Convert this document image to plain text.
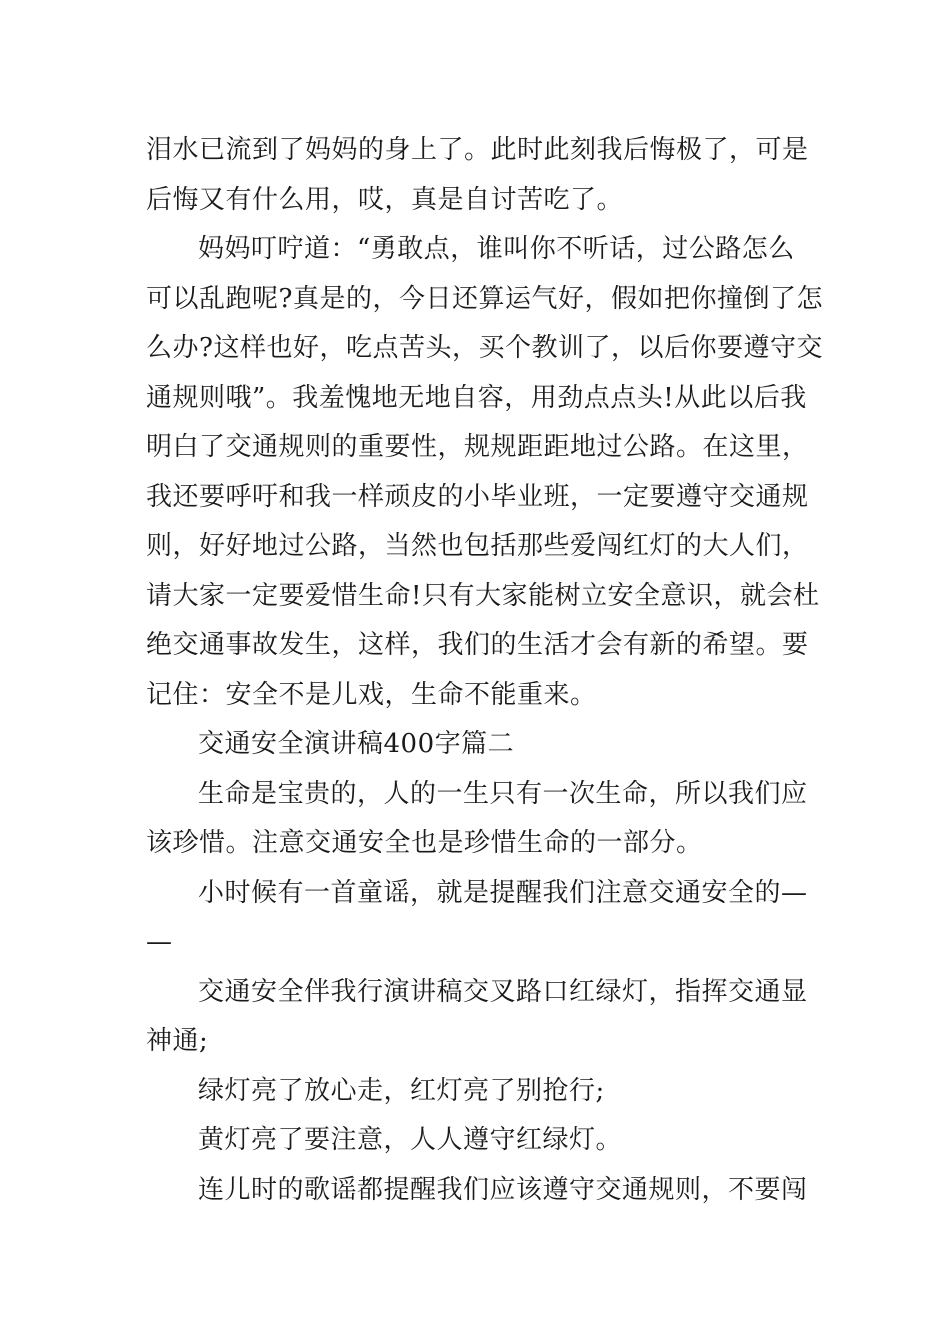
泪水已流到了妈妈的身上了。此时此刻我后悔极了，可是
后悔又有什么用，哎，真是自讨苦吃了。

妈妈叮咛道：“勇敢点，谁叫你不听话，过公路怎么
可以乱跑呢?真是的，今日还算运气好，假如把你撞倒了怎
么办?这样也好，吃点苦头，买个教训了，以后你要遵守交
通规则哦”。我羞愧地无地自容，用劲点点头!从此以后我
明白了交通规则的重要性，规规距距地过公路。在这里，
我还要呼吁和我一样顽皮的小毕业班，一定要遵守交通规
则，好好地过公路，当然也包括那些爱闯红灯的大人们，
请大家一定要爱惜生命!只有大家能树立安全意识，就会杜
绝交通事故发生，这样，我们的生活才会有新的希望。要
记住：安全不是儿戏，生命不能重来。

交通安全演讲稿400字篇二

生命是宝贵的，人的一生只有一次生命，所以我们应
该珍惜。注意交通安全也是珍惜生命的一部分。

小时候有一首童谣，就是提醒我们注意交通安全的—
—

交通安全伴我行演讲稿交叉路口红绿灯，指挥交通显
神通;

绿灯亮了放心走，红灯亮了别抢行;

黄灯亮了要注意，人人遵守红绿灯。

连儿时的歌谣都提醒我们应该遵守交通规则，不要闯
